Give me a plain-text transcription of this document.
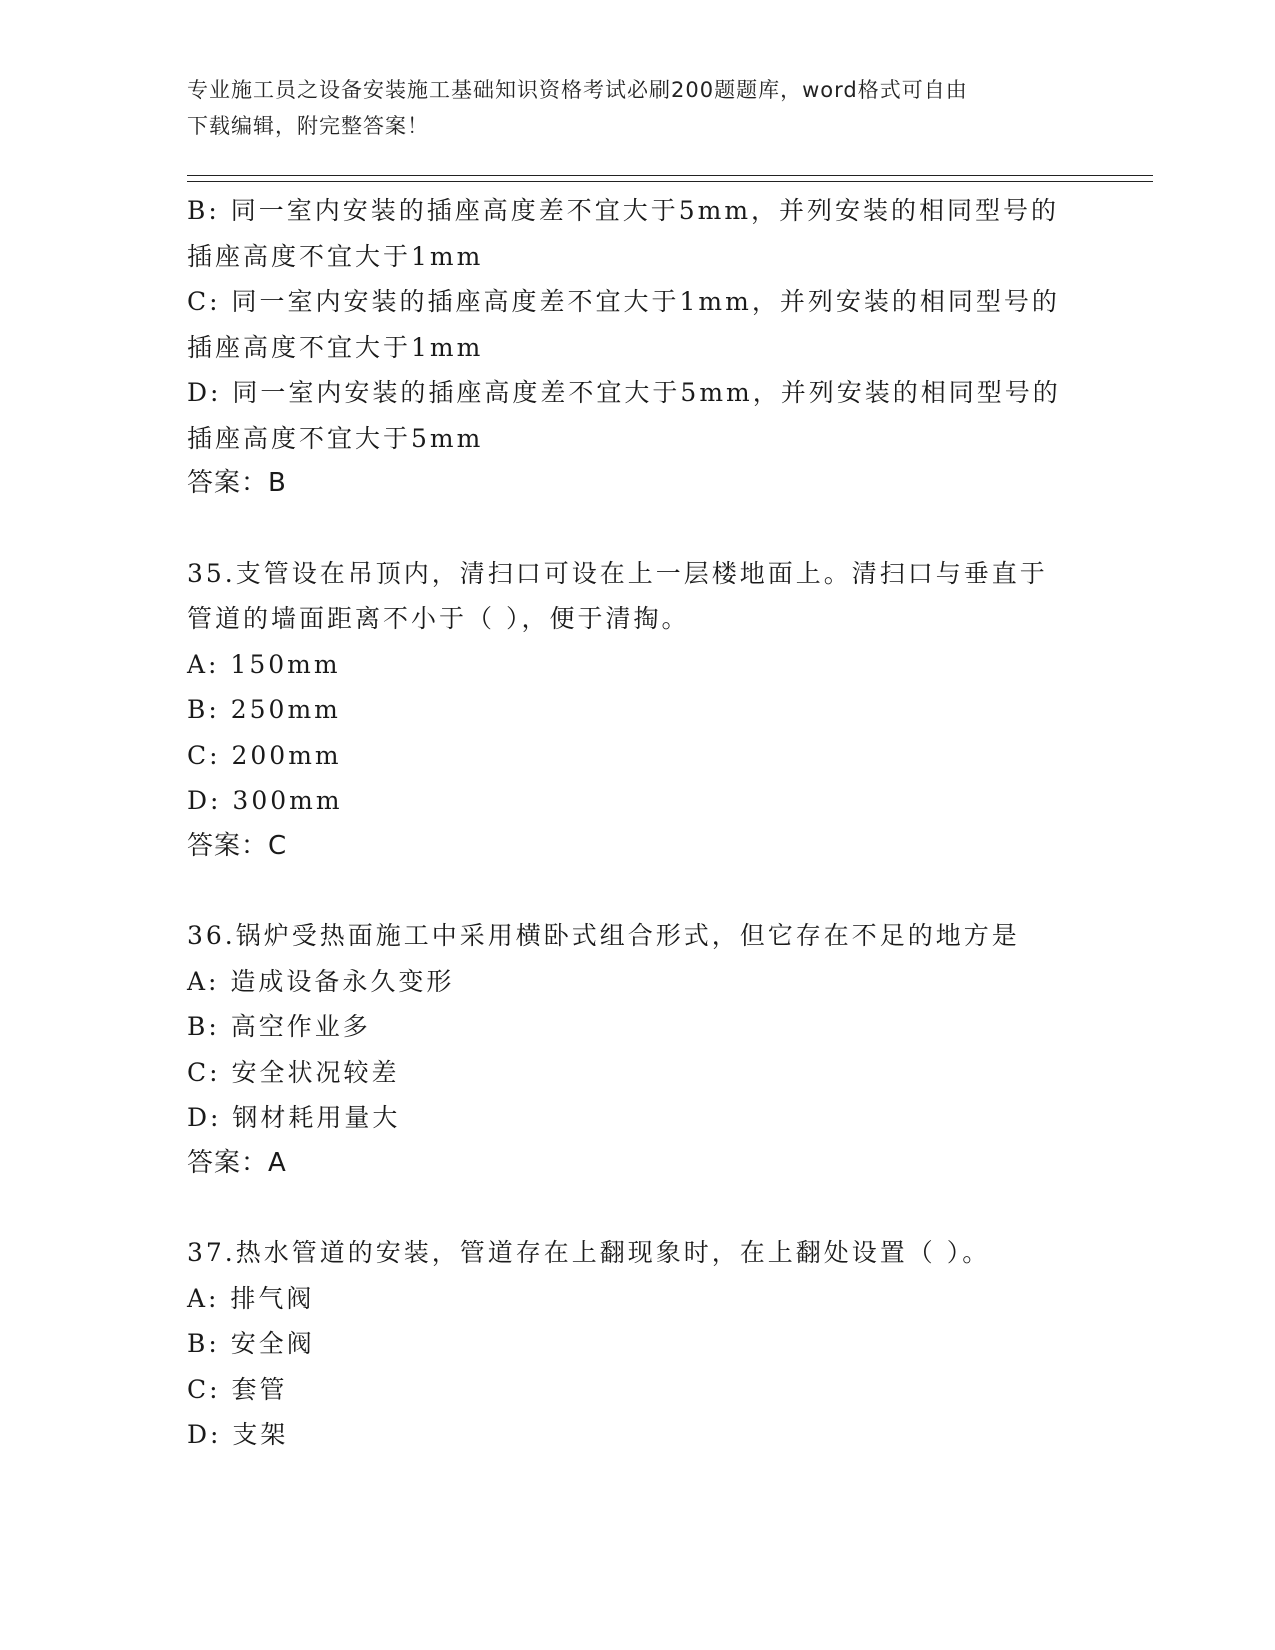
专业施工员之设备安装施工基础知识资格考试必刷200题题库，word格式可自由
下载编辑，附完整答案！
B: 同一室内安装的插座高度差不宜大于5mm，并列安装的相同型号的
插座高度不宜大于1mm
C: 同一室内安装的插座高度差不宜大于1mm，并列安装的相同型号的
插座高度不宜大于1mm
D: 同一室内安装的插座高度差不宜大于5mm，并列安装的相同型号的
插座高度不宜大于5mm
答案：B
35.支管设在吊顶内，清扫口可设在上一层楼地面上。清扫口与垂直于
管道的墙面距离不小于（ ），便于清掏。
A: 150mm
B: 250mm
C: 200mm
D: 300mm
答案：C
36.锅炉受热面施工中采用横卧式组合形式，但它存在不足的地方是
A: 造成设备永久变形
B: 高空作业多
C: 安全状况较差
D: 钢材耗用量大
答案：A
37.热水管道的安装，管道存在上翻现象时，在上翻处设置（ ）。
A: 排气阀
B: 安全阀
C: 套管
D: 支架
